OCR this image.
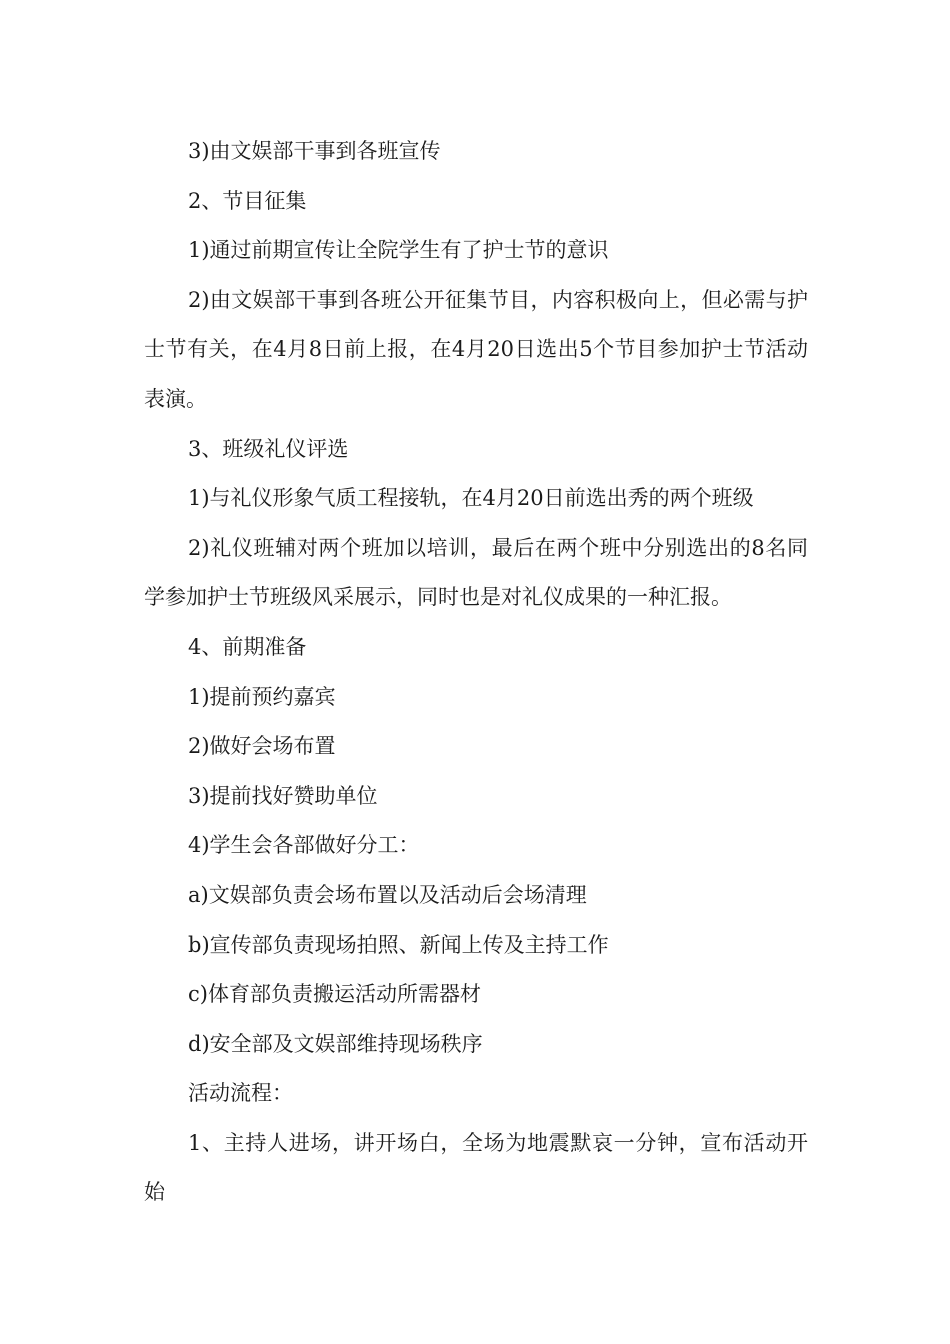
3)由文娱部干事到各班宣传

2、节目征集

1)通过前期宣传让全院学生有了护士节的意识

2)由文娱部干事到各班公开征集节目，内容积极向上，但必需与护士节有关，在4月8日前上报，在4月20日选出5个节目参加护士节活动表演。

3、班级礼仪评选

1)与礼仪形象气质工程接轨，在4月20日前选出秀的两个班级

2)礼仪班辅对两个班加以培训，最后在两个班中分别选出的8名同学参加护士节班级风采展示，同时也是对礼仪成果的一种汇报。

4、前期准备

1)提前预约嘉宾

2)做好会场布置

3)提前找好赞助单位

4)学生会各部做好分工：

a)文娱部负责会场布置以及活动后会场清理

b)宣传部负责现场拍照、新闻上传及主持工作

c)体育部负责搬运活动所需器材

d)安全部及文娱部维持现场秩序

活动流程：

1、主持人进场，讲开场白，全场为地震默哀一分钟，宣布活动开始
